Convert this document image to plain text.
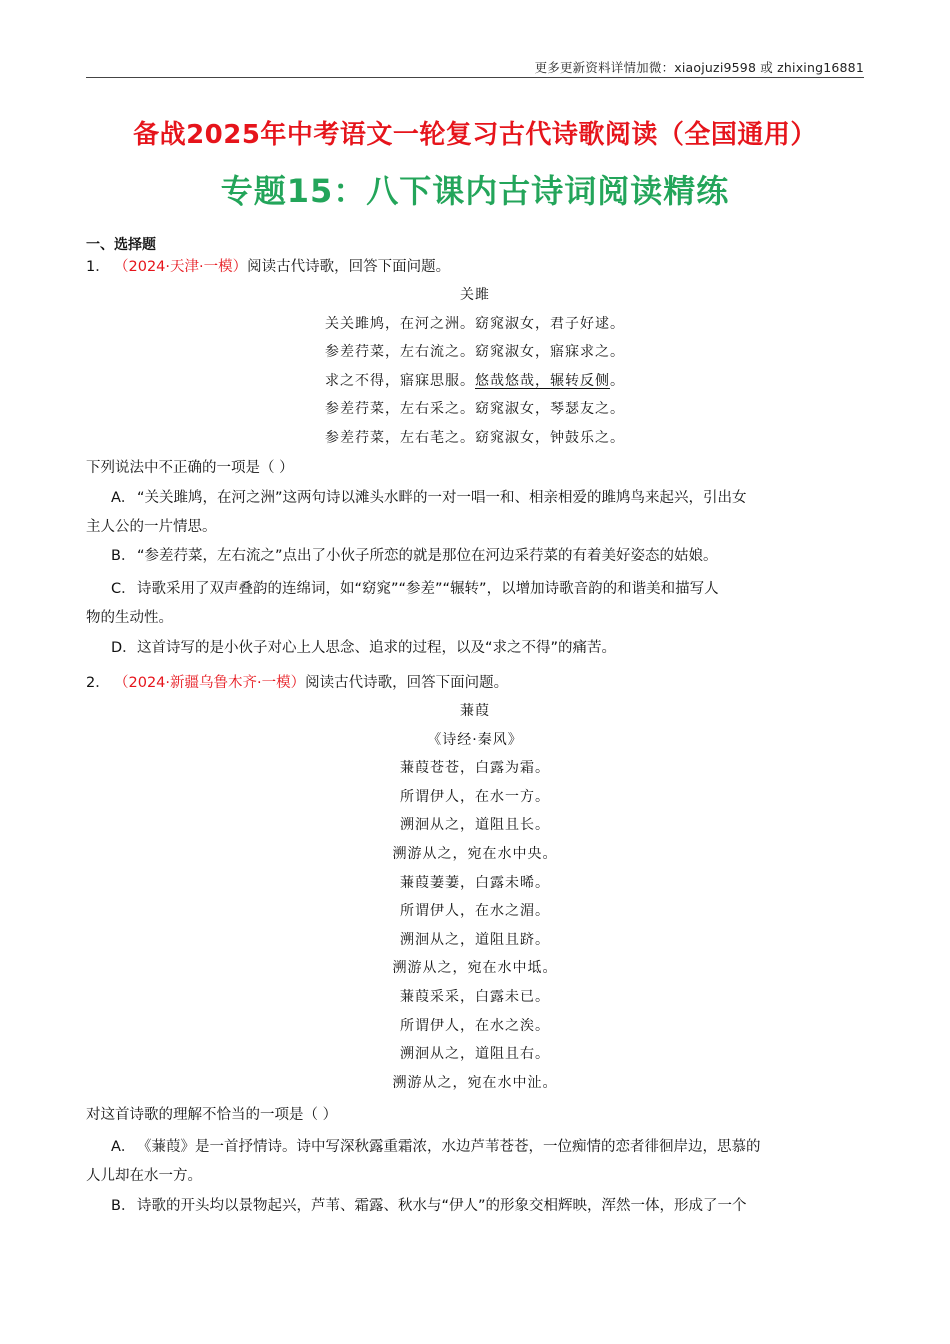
更多更新资料详情加微：xiaojuzi9598 或 zhixing16881
备战2025年中考语文一轮复习古代诗歌阅读（全国通用）
专题15：八下课内古诗词阅读精练
一、选择题
1． （2024·天津·一模）阅读古代诗歌，回答下面问题。
关雎
关关雎鸠，在河之洲。窈窕淑女，君子好逑。
参差荇菜，左右流之。窈窕淑女，寤寐求之。
求之不得，寤寐思服。悠哉悠哉，辗转反侧。
参差荇菜，左右采之。窈窕淑女，琴瑟友之。
参差荇菜，左右芼之。窈窕淑女，钟鼓乐之。
下列说法中不正确的一项是（ ）
A． “关关雎鸠，在河之洲”这两句诗以滩头水畔的一对一唱一和、相亲相爱的雎鸠鸟来起兴，引出女
主人公的一片情思。
B． “参差荇菜，左右流之”点出了小伙子所恋的就是那位在河边采荇菜的有着美好姿态的姑娘。
C．诗歌采用了双声叠韵的连绵词，如“窈窕”“参差”“辗转”，以增加诗歌音韵的和谐美和描写人
物的生动性。
D．这首诗写的是小伙子对心上人思念、追求的过程，以及“求之不得”的痛苦。
2． （2024·新疆乌鲁木齐·一模）阅读古代诗歌，回答下面问题。
蒹葭
《诗经·秦风》
蒹葭苍苍，白露为霜。
所谓伊人，在水一方。
溯洄从之，道阻且长。
溯游从之，宛在水中央。
蒹葭萋萋，白露未晞。
所谓伊人，在水之湄。
溯洄从之，道阻且跻。
溯游从之，宛在水中坻。
蒹葭采采，白露未已。
所谓伊人，在水之涘。
溯洄从之，道阻且右。
溯游从之，宛在水中沚。
对这首诗歌的理解不恰当的一项是（ ）
A． 《蒹葭》是一首抒情诗。诗中写深秋露重霜浓，水边芦苇苍苍，一位痴情的恋者徘徊岸边，思慕的
人儿却在水一方。
B． 诗歌的开头均以景物起兴，芦苇、霜露、秋水与“伊人”的形象交相辉映，浑然一体，形成了一个
